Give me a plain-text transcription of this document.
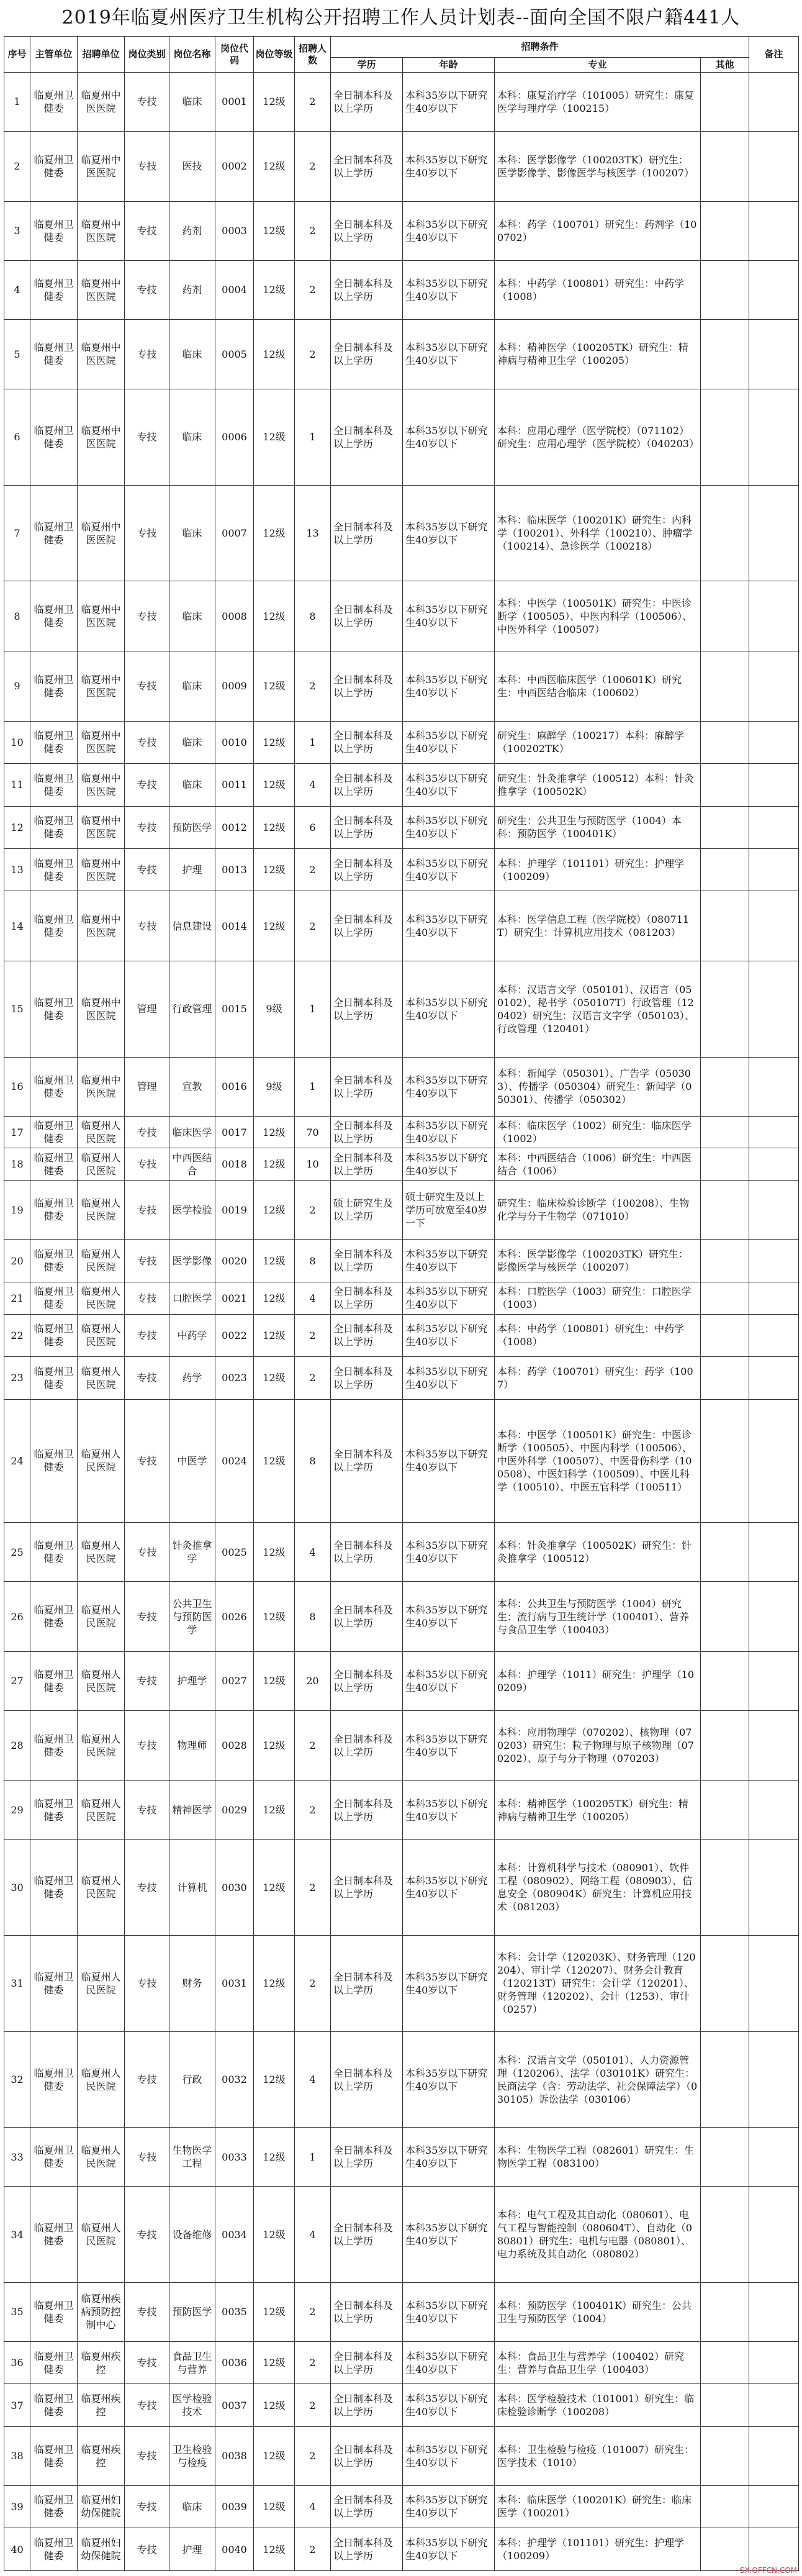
2019年临夏州医疗卫生机构公开招聘工作人员计划表--面向全国不限户籍441人
序号	主管单位	招聘单位	岗位类别	岗位名称	岗位代码	岗位等级	招聘人数	招聘条件				备注
								学历	年龄	专业	其他	
1	临夏州卫健委	临夏州中医医院	专技	临床	0001	12级	2	全日制本科及以上学历	本科35岁以下研究生40岁以下	本科：康复治疗学（101005）研究生：康复医学与理疗学（100215）		
2	临夏州卫健委	临夏州中医医院	专技	医技	0002	12级	2	全日制本科及以上学历	本科35岁以下研究生40岁以下	本科：医学影像学（100203TK）研究生：医学影像学、影像医学与核医学（100207）		
3	临夏州卫健委	临夏州中医医院	专技	药剂	0003	12级	2	全日制本科及以上学历	本科35岁以下研究生40岁以下	本科：药学（100701）研究生：药剂学（100702）		
4	临夏州卫健委	临夏州中医医院	专技	药剂	0004	12级	2	全日制本科及以上学历	本科35岁以下研究生40岁以下	本科：中药学（100801）研究生：中药学（1008）		
5	临夏州卫健委	临夏州中医医院	专技	临床	0005	12级	2	全日制本科及以上学历	本科35岁以下研究生40岁以下	本科：精神医学（100205TK）研究生：精神病与精神卫生学（100205）		
6	临夏州卫健委	临夏州中医医院	专技	临床	0006	12级	1	全日制本科及以上学历	本科35岁以下研究生40岁以下	本科：应用心理学（医学院校）（071102）研究生：应用心理学（医学院校）（040203）		
7	临夏州卫健委	临夏州中医医院	专技	临床	0007	12级	13	全日制本科及以上学历	本科35岁以下研究生40岁以下	本科：临床医学（100201K）研究生：内科学（100201）、外科学（100210）、肿瘤学（100214）、急诊医学（100218）		
8	临夏州卫健委	临夏州中医医院	专技	临床	0008	12级	8	全日制本科及以上学历	本科35岁以下研究生40岁以下	本科：中医学（100501K）研究生：中医诊断学（100505）、中医内科学（100506）、中医外科学（100507）		
9	临夏州卫健委	临夏州中医医院	专技	临床	0009	12级	2	全日制本科及以上学历	本科35岁以下研究生40岁以下	本科：中西医临床医学（100601K）研究生：中西医结合临床（100602）		
10	临夏州卫健委	临夏州中医医院	专技	临床	0010	12级	1	全日制本科及以上学历	本科35岁以下研究生40岁以下	研究生：麻醉学（100217）本科：麻醉学（100202TK）		
11	临夏州卫健委	临夏州中医医院	专技	临床	0011	12级	4	全日制本科及以上学历	本科35岁以下研究生40岁以下	研究生：针灸推拿学（100512）本科：针灸推拿学（100502K）		
12	临夏州卫健委	临夏州中医医院	专技	预防医学	0012	12级	6	全日制本科及以上学历	本科35岁以下研究生40岁以下	研究生：公共卫生与预防医学（1004）本科：预防医学（100401K）		
13	临夏州卫健委	临夏州中医医院	专技	护理	0013	12级	2	全日制本科及以上学历	本科35岁以下研究生40岁以下	本科：护理学（101101）研究生：护理学（100209）		
14	临夏州卫健委	临夏州中医医院	专技	信息建设	0014	12级	2	全日制本科及以上学历	本科35岁以下研究生40岁以下	本科：医学信息工程（医学院校）（080711T）研究生：计算机应用技术（081203）		
15	临夏州卫健委	临夏州中医医院	管理	行政管理	0015	9级	1	全日制本科及以上学历	本科35岁以下研究生40岁以下	本科：汉语言文学（050101）、汉语言（050102）、秘书学（050107T）行政管理（120402）研究生：汉语言文字学（050103）、行政管理（120401）		
16	临夏州卫健委	临夏州中医医院	管理	宣教	0016	9级	1	全日制本科及以上学历	本科35岁以下研究生40岁以下	本科：新闻学（050301）、广告学（050303）、传播学（050304）研究生：新闻学（050301）、传播学（050302）		
17	临夏州卫健委	临夏州人民医院	专技	临床医学	0017	12级	70	全日制本科及以上学历	本科35岁以下研究生40岁以下	本科：临床医学（1002）研究生：临床医学（1002）		
18	临夏州卫健委	临夏州人民医院	专技	中西医结合	0018	12级	10	全日制本科及以上学历	本科35岁以下研究生40岁以下	本科：中西医结合（1006）研究生：中西医结合（1006）		
19	临夏州卫健委	临夏州人民医院	专技	医学检验	0019	12级	2	硕士研究生及以上学历	硕士研究生及以上学历可放宽至40岁一下	研究生：临床检验诊断学（100208）、生物化学与分子生物学（071010）		
20	临夏州卫健委	临夏州人民医院	专技	医学影像	0020	12级	8	全日制本科及以上学历	本科35岁以下研究生40岁以下	本科：医学影像学（100203TK）研究生：影像医学与核医学（100207）		
21	临夏州卫健委	临夏州人民医院	专技	口腔医学	0021	12级	4	全日制本科及以上学历	本科35岁以下研究生40岁以下	本科：口腔医学（1003）研究生：口腔医学（1003）		
22	临夏州卫健委	临夏州人民医院	专技	中药学	0022	12级	2	全日制本科及以上学历	本科35岁以下研究生40岁以下	本科：中药学（100801）研究生：中药学（1008）		
23	临夏州卫健委	临夏州人民医院	专技	药学	0023	12级	2	全日制本科及以上学历	本科35岁以下研究生40岁以下	本科：药学（100701）研究生：药学（1007）		
24	临夏州卫健委	临夏州人民医院	专技	中医学	0024	12级	8	全日制本科及以上学历	本科35岁以下研究生40岁以下	本科：中医学（100501K）研究生：中医诊断学（100505）、中医内科学（100506）、中医外科学（100507）、中医骨伤科学（100508）、中医妇科学（100509）、中医儿科学（100510）、中医五官科学（100511）		
25	临夏州卫健委	临夏州人民医院	专技	针灸推拿学	0025	12级	4	全日制本科及以上学历	本科35岁以下研究生40岁以下	本科：针灸推拿学（100502K）研究生：针灸推拿学（100512）		
26	临夏州卫健委	临夏州人民医院	专技	公共卫生与预防医学	0026	12级	8	全日制本科及以上学历	本科35岁以下研究生40岁以下	本科：公共卫生与预防医学（1004）研究生：流行病与卫生统计学（100401）、营养与食品卫生学（100403）		
27	临夏州卫健委	临夏州人民医院	专技	护理学	0027	12级	20	全日制本科及以上学历	本科35岁以下研究生40岁以下	本科：护理学（1011）研究生：护理学（100209）		
28	临夏州卫健委	临夏州人民医院	专技	物理师	0028	12级	2	全日制本科及以上学历	本科35岁以下研究生40岁以下	本科：应用物理学（070202）、核物理（070203）研究生：粒子物理与原子核物理（070202）、原子与分子物理（070203）		
29	临夏州卫健委	临夏州人民医院	专技	精神医学	0029	12级	2	全日制本科及以上学历	本科35岁以下研究生40岁以下	本科：精神医学（100205TK）研究生：精神病与精神卫生学（100205）		
30	临夏州卫健委	临夏州人民医院	专技	计算机	0030	12级	2	全日制本科及以上学历	本科35岁以下研究生40岁以下	本科：计算机科学与技术（080901）、软件工程（080902）、网络工程（080903）、信息安全（080904K）研究生：计算机应用技术（081203）		
31	临夏州卫健委	临夏州人民医院	专技	财务	0031	12级	2	全日制本科及以上学历	本科35岁以下研究生40岁以下	本科：会计学（120203K）、财务管理（120204）、审计学（120207）、财务会计教育（120213T）研究生：会计学（120201）、财务管理（120202）、会计（1253）、审计（0257）		
32	临夏州卫健委	临夏州人民医院	专技	行政	0032	12级	4	全日制本科及以上学历	本科35岁以下研究生40岁以下	本科：汉语言文学（050101）、人力资源管理（120206）、法学（030101K）研究生：民商法学（含：劳动法学、社会保障法学）（030105）诉讼法学（030106）		
33	临夏州卫健委	临夏州人民医院	专技	生物医学工程	0033	12级	1	全日制本科及以上学历	本科35岁以下研究生40岁以下	本科：生物医学工程（082601）研究生：生物医学工程（083100）		
34	临夏州卫健委	临夏州人民医院	专技	设备维修	0034	12级	4	全日制本科及以上学历	本科35岁以下研究生40岁以下	本科：电气工程及其自动化（080601）、电气工程与智能控制（080604T）、自动化（080801）研究生：电机与电器（080801）、电力系统及其自动化（080802）		
35	临夏州卫健委	临夏州疾病预防控制中心	专技	预防医学	0035	12级	2	全日制本科及以上学历	本科35岁以下研究生40岁以下	本科：预防医学（100401K）研究生：公共卫生与预防医学（1004）		
36	临夏州卫健委	临夏州疾控	专技	食品卫生与营养	0036	12级	2	全日制本科及以上学历	本科35岁以下研究生40岁以下	本科：食品卫生与营养学（100402）研究生：营养与食品卫生学（100403）		
37	临夏州卫健委	临夏州疾控	专技	医学检验技术	0037	12级	2	全日制本科及以上学历	本科35岁以下研究生40岁以下	本科：医学检验技术（101001）研究生：临床检验诊断学（100208）		
38	临夏州卫健委	临夏州疾控	专技	卫生检验与检疫	0038	12级	2	全日制本科及以上学历	本科35岁以下研究生40岁以下	本科：卫生检验与检疫（101007）研究生：医学技术（1010）		
39	临夏州卫健委	临夏州妇幼保健院	专技	临床	0039	12级	4	全日制本科及以上学历	本科35岁以下研究生40岁以下	本科：临床医学（100201K）研究生：临床医学（100201）		
40	临夏州卫健委	临夏州妇幼保健院	专技	护理	0040	12级	2	全日制本科及以上学历	本科35岁以下研究生40岁以下	本科：护理学（101101）研究生：护理学（100209）		
SX.OFFCN.COM
